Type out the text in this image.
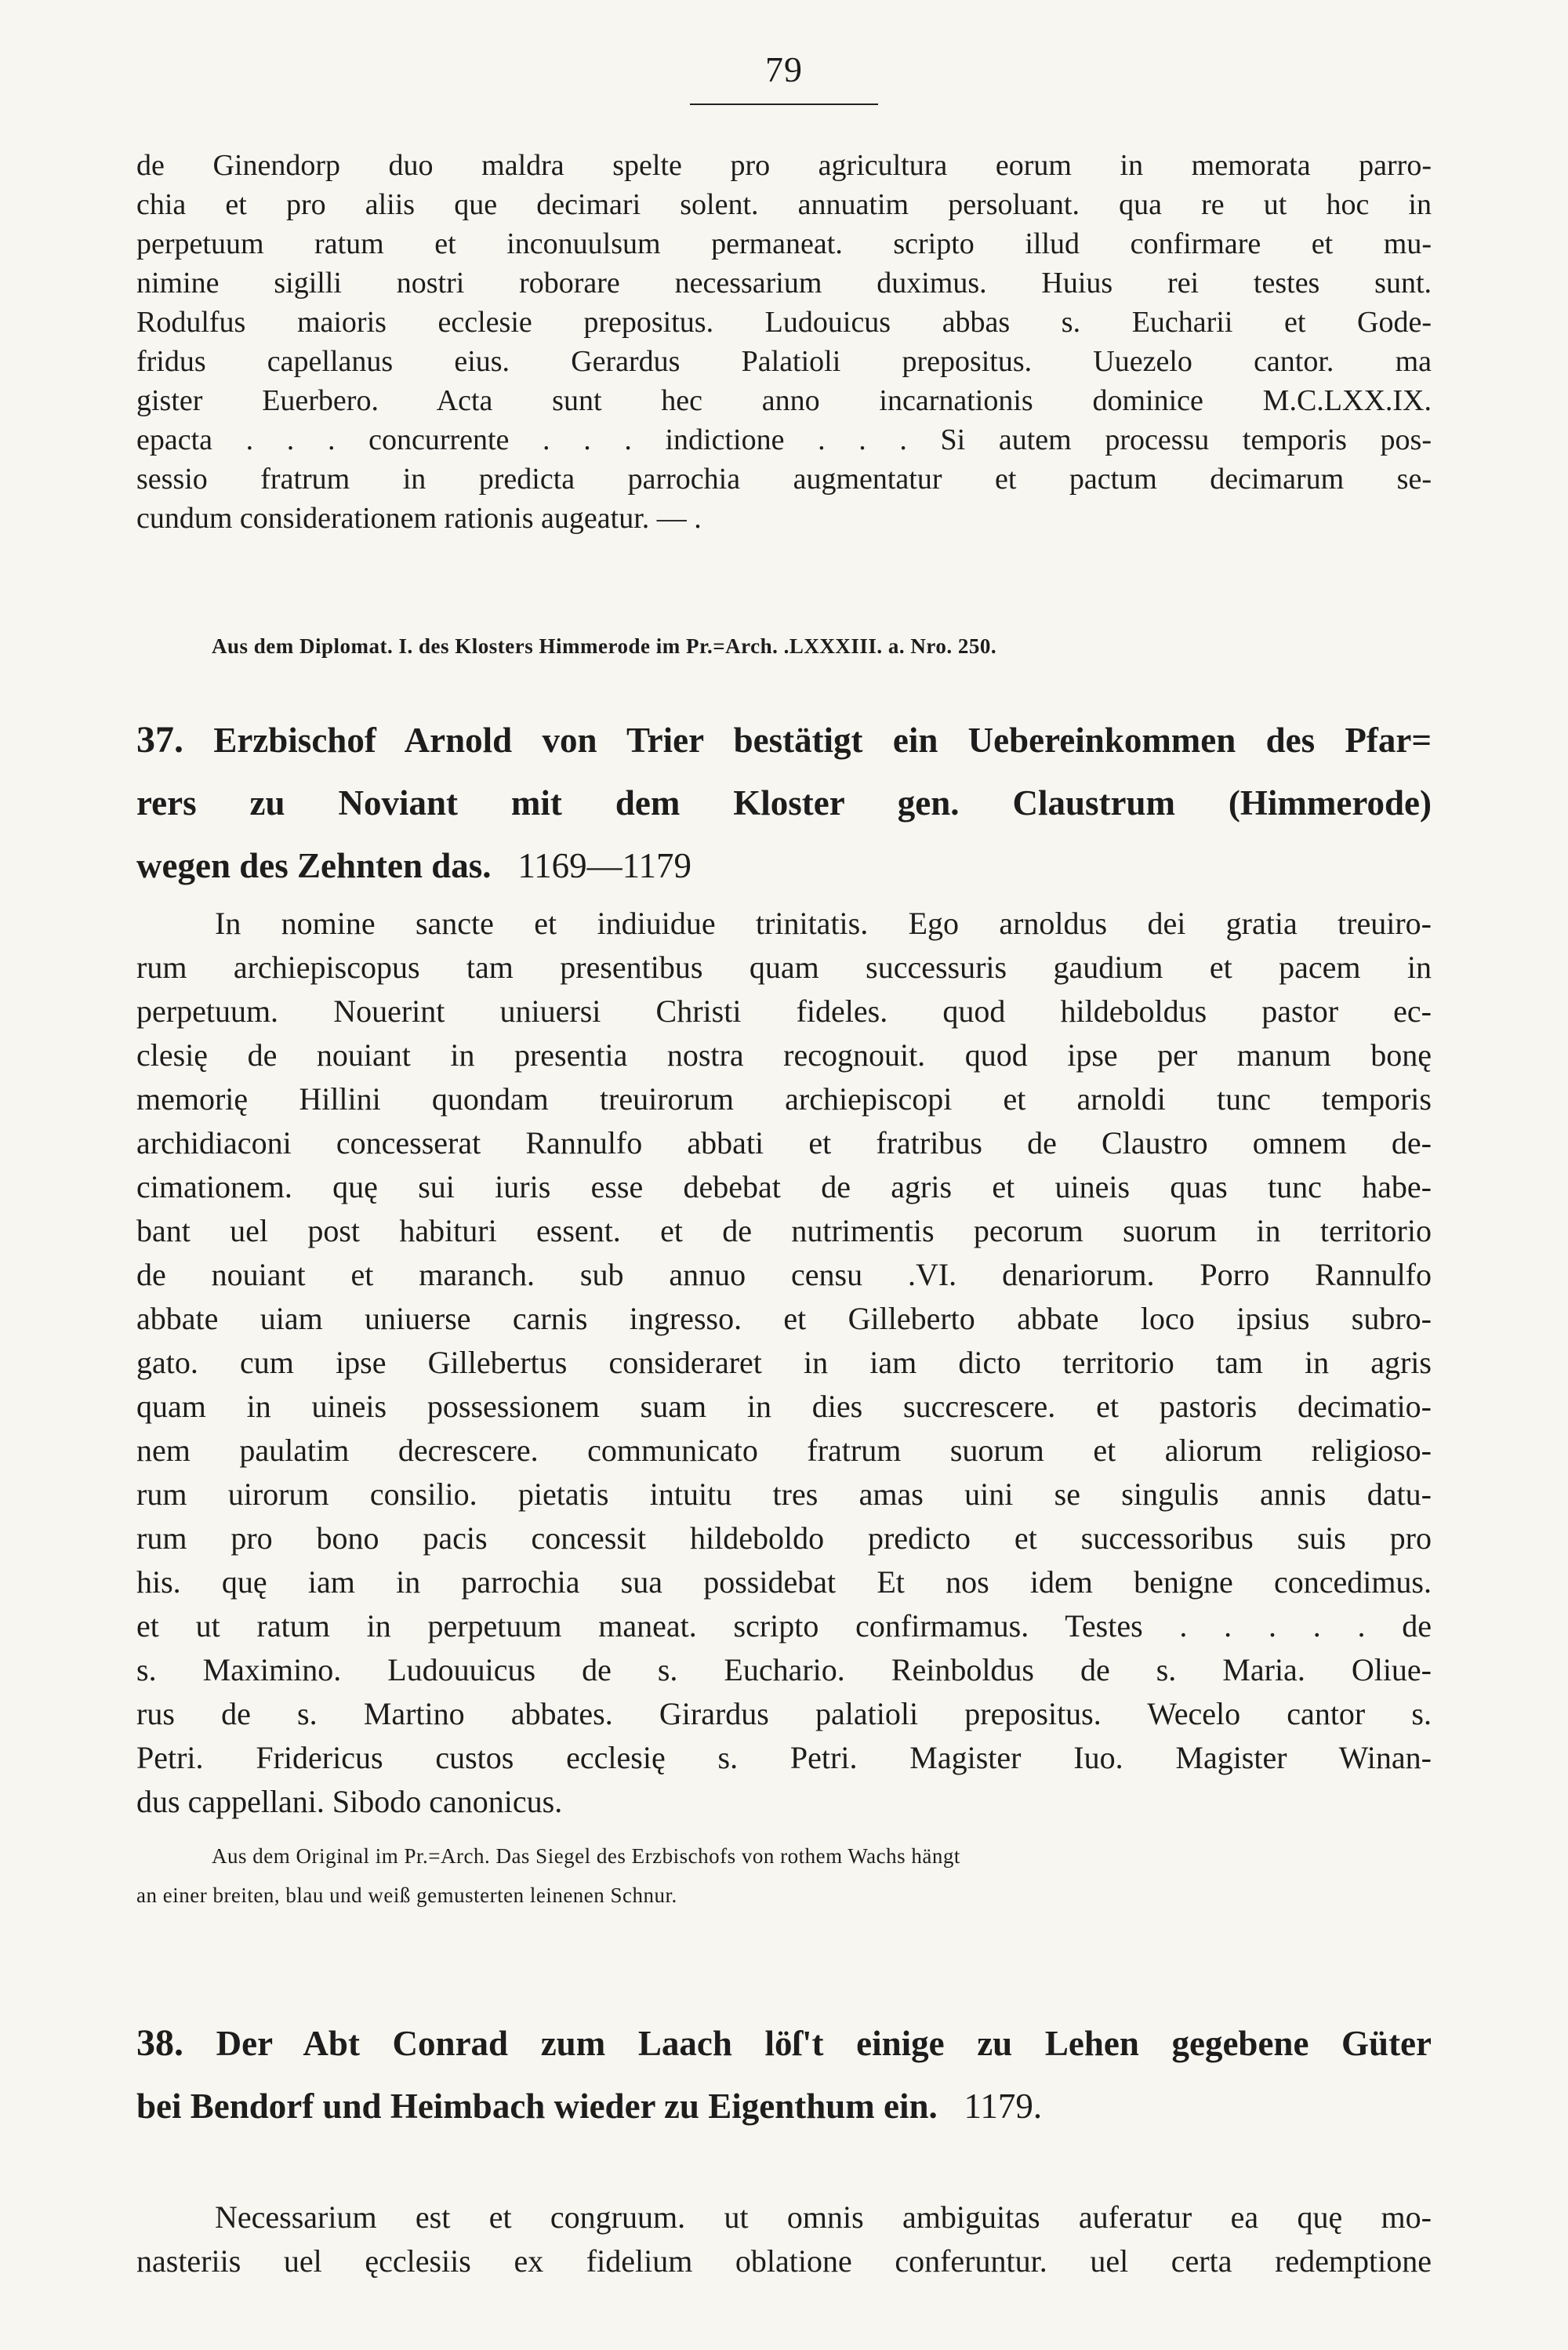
79
de Ginendorp duo maldra spelte pro agricultura eorum in memorata parro-
chia et pro aliis que decimari solent. annuatim persoluant. qua re ut hoc in
perpetuum ratum et inconuulsum permaneat. scripto illud confirmare et mu-
nimine sigilli nostri roborare necessarium duximus. Huius rei testes sunt.
Rodulfus maioris ecclesie prepositus. Ludouicus abbas s. Eucharii et Gode-
fridus capellanus eius. Gerardus Palatioli prepositus. Uuezelo cantor. ma
gister Euerbero. Acta sunt hec anno incarnationis dominice M.C.LXX.IX.
epacta . . . concurrente . . . indictione . . . Si autem processu temporis pos-
sessio fratrum in predicta parrochia augmentatur et pactum decimarum se-
cundum considerationem rationis augeatur. — .
Aus dem Diplomat. I. des Klosters Himmerode im Pr.=Arch. .LXXXIII. a. Nro. 250.
37. Erzbischof Arnold von Trier bestätigt ein Uebereinkommen des Pfar=
rers zu Noviant mit dem Kloster gen. Claustrum (Himmerode)
wegen des Zehnten das. 1169—1179
In nomine sancte et indiuidue trinitatis. Ego arnoldus dei gratia treuiro-
rum archiepiscopus tam presentibus quam successuris gaudium et pacem in
perpetuum. Nouerint uniuersi Christi fideles. quod hildeboldus pastor ec-
clesię de nouiant in presentia nostra recognouit. quod ipse per manum bonę
memorię Hillini quondam treuirorum archiepiscopi et arnoldi tunc temporis
archidiaconi concesserat Rannulfo abbati et fratribus de Claustro omnem de-
cimationem. quę sui iuris esse debebat de agris et uineis quas tunc habe-
bant uel post habituri essent. et de nutrimentis pecorum suorum in territorio
de nouiant et maranch. sub annuo censu .VI. denariorum. Porro Rannulfo
abbate uiam uniuerse carnis ingresso. et Gilleberto abbate loco ipsius subro-
gato. cum ipse Gillebertus consideraret in iam dicto territorio tam in agris
quam in uineis possessionem suam in dies succrescere. et pastoris decimatio-
nem paulatim decrescere. communicato fratrum suorum et aliorum religioso-
rum uirorum consilio. pietatis intuitu tres amas uini se singulis annis datu-
rum pro bono pacis concessit hildeboldo predicto et successoribus suis pro
his. quę iam in parrochia sua possidebat Et nos idem benigne concedimus.
et ut ratum in perpetuum maneat. scripto confirmamus. Testes . . . . . de
s. Maximino. Ludouuicus de s. Euchario. Reinboldus de s. Maria. Oliue-
rus de s. Martino abbates. Girardus palatioli prepositus. Wecelo cantor s.
Petri. Fridericus custos ecclesię s. Petri. Magister Iuo. Magister Winan-
dus cappellani. Sibodo canonicus.
Aus dem Original im Pr.=Arch. Das Siegel des Erzbischofs von rothem Wachs hängt
an einer breiten, blau und weiß gemusterten leinenen Schnur.
38. Der Abt Conrad zum Laach löſ't einige zu Lehen gegebene Güter
bei Bendorf und Heimbach wieder zu Eigenthum ein. 1179.
Necessarium est et congruum. ut omnis ambiguitas auferatur ea quę mo-
nasteriis uel ęcclesiis ex fidelium oblatione conferuntur. uel certa redemptione
